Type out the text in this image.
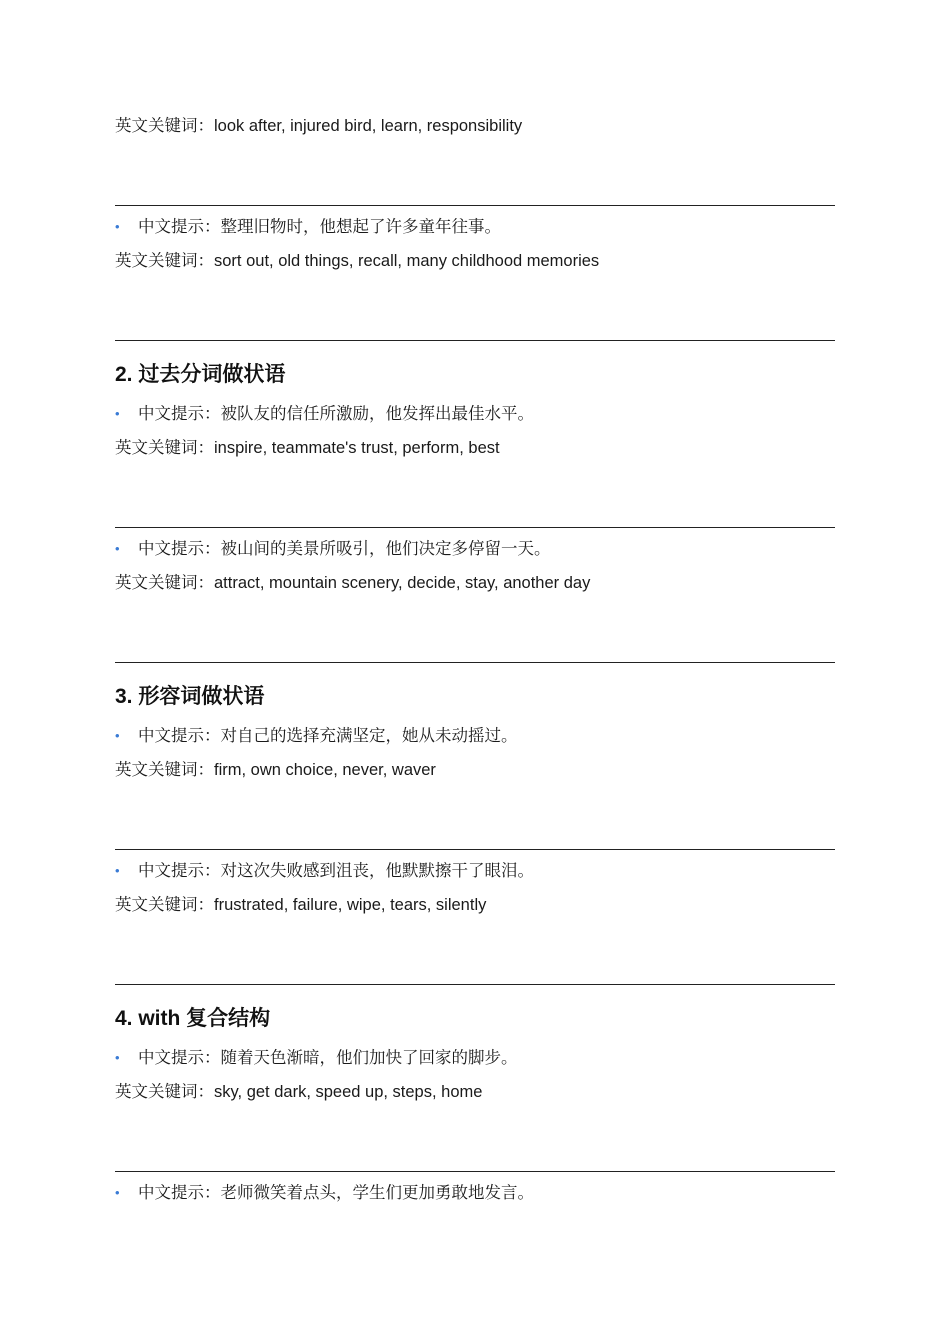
英文关键词：look after, injured bird, learn, responsibility
• 中文提示：整理旧物时，他想起了许多童年往事。
英文关键词：sort out, old things, recall, many childhood memories
2. 过去分词做状语
• 中文提示：被队友的信任所激励，他发挥出最佳水平。
英文关键词：inspire, teammate's trust, perform, best
• 中文提示：被山间的美景所吸引，他们决定多停留一天。
英文关键词：attract, mountain scenery, decide, stay, another day
3. 形容词做状语
• 中文提示：对自己的选择充满坚定，她从未动摇过。
英文关键词：firm, own choice, never, waver
• 中文提示：对这次失败感到沮丧，他默默擦干了眼泪。
英文关键词：frustrated, failure, wipe, tears, silently
4. with 复合结构
• 中文提示：随着天色渐暗，他们加快了回家的脚步。
英文关键词：sky, get dark, speed up, steps, home
• 中文提示：老师微笑着点头，学生们更加勇敢地发言。
